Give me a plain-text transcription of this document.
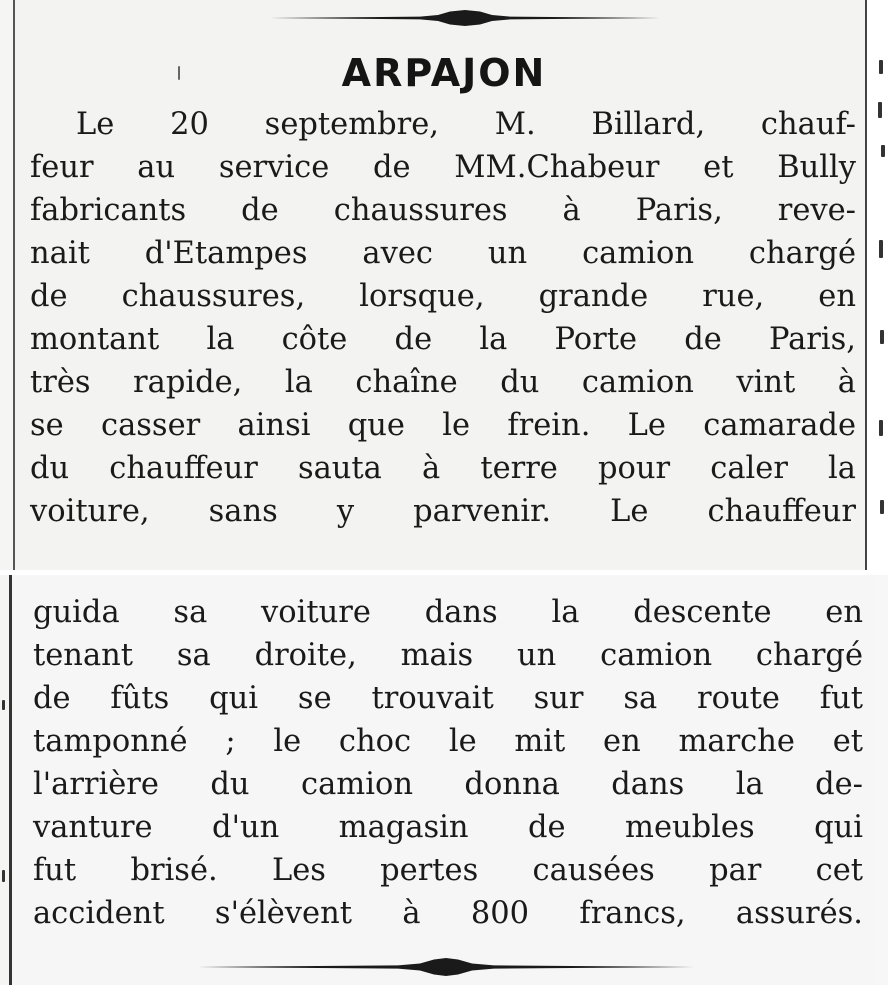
ARPAJON
Le 20 septembre, M. Billard, chauf-
feur au service de MM.Chabeur et Bully
fabricants de chaussures à Paris, reve-
nait d'Etampes avec un camion chargé
de chaussures, lorsque, grande rue, en
montant la côte de la Porte de Paris,
très rapide, la chaîne du camion vint à
se casser ainsi que le frein. Le camarade
du chauffeur sauta à terre pour caler la
voiture, sans y parvenir. Le chauffeur
guida sa voiture dans la descente en
tenant sa droite, mais un camion chargé
de fûts qui se trouvait sur sa route fut
tamponné ; le choc le mit en marche et
l'arrière du camion donna dans la de-
vanture d'un magasin de meubles qui
fut brisé. Les pertes causées par cet
accident s'élèvent à 800 francs, assurés.
